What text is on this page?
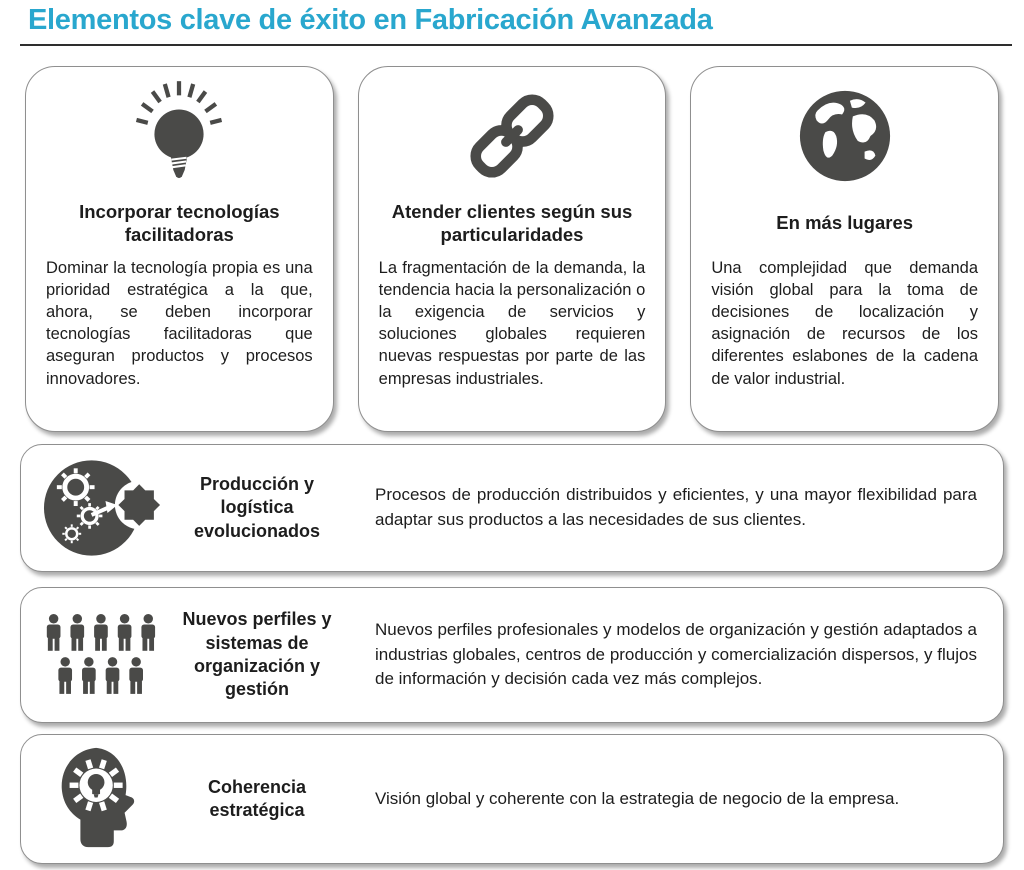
Elementos clave de éxito en Fabricación Avanzada
Incorporar tecnologías facilitadoras

Dominar la tecnología propia es una prioridad estratégica a la que, ahora, se deben incorporar tecnologías facilitadoras que aseguran productos y procesos innovadores.

Atender clientes según sus particularidades

La fragmentación de la demanda, la tendencia hacia la personalización o la exigencia de servicios y soluciones globales requieren nuevas respuestas por parte de las empresas industriales.

En más lugares

Una complejidad que demanda visión global para la toma de decisiones de localización y asignación de recursos de los diferentes eslabones de la cadena de valor industrial.

Producción y logística evolucionados

Procesos de producción distribuidos y eficientes, y una mayor flexibilidad para adaptar sus productos a las necesidades de sus clientes.

Nuevos perfiles y sistemas de organización y gestión

Nuevos perfiles profesionales y modelos de organización y gestión adaptados a industrias globales, centros de producción y comercialización dispersos, y flujos de información y decisión cada vez más complejos.

Coherencia estratégica

Visión global y coherente con la estrategia de negocio de la empresa.
